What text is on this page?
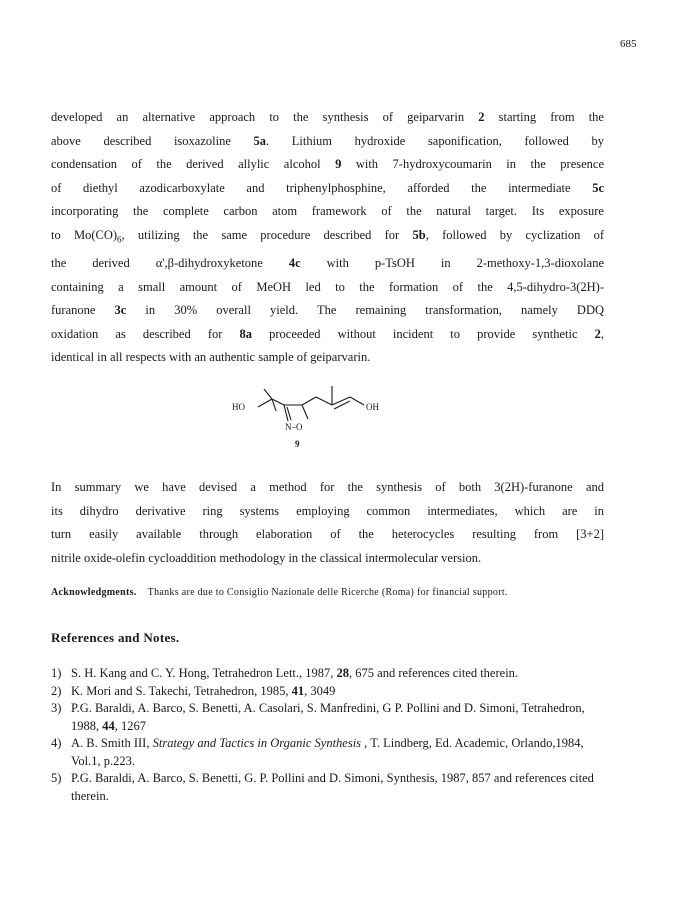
685
developed an alternative approach to the synthesis of geiparvarin 2 starting from the
above described isoxazoline 5a. Lithium hydroxide saponification, followed by
condensation of the derived allylic alcohol 9 with 7-hydroxycoumarin in the presence
of diethyl azodicarboxylate and triphenylphosphine, afforded the intermediate 5c
incorporating the complete carbon atom framework of the natural target. Its exposure
to $Mo(CO)_6$, utilizing the same procedure described for 5b, followed by cyclization of
the derived α',β-dihydroxyketone 4c with p-TsOH in 2-methoxy-1,3-dioxolane
containing a small amount of MeOH led to the formation of the 4,5-dihydro-3(2H)-
furanone 3c in 30% overall yield. The remaining transformation, namely DDQ
oxidation as described for 8a proceeded without incident to provide synthetic 2,
identical in all respects with an authentic sample of geiparvarin.
HO	OH
N–O
9
In summary we have devised a method for the synthesis of both 3(2H)-furanone and
its dihydro derivative ring systems employing common intermediates, which are in
turn easily available through elaboration of the heterocycles resulting from [3+2]
nitrile oxide-olefin cycloaddition methodology in the classical intermolecular version.
Acknowledgments. Thanks are due to Consiglio Nazionale delle Ricerche (Roma) for financial support.
References and Notes.
1) S. H. Kang and C. Y. Hong, Tetrahedron Lett., 1987, 28, 675 and references cited therein.
2) K. Mori and S. Takechi, Tetrahedron, 1985, 41, 3049
3) P.G. Baraldi, A. Barco, S. Benetti, A. Casolari, S. Manfredini, G P. Pollini and D. Simoni, Tetrahedron, 1988, 44, 1267
4) A. B. Smith III, Strategy and Tactics in Organic Synthesis , T. Lindberg, Ed. Academic, Orlando,1984, Vol.1, p.223.
5) P.G. Baraldi, A. Barco, S. Benetti, G. P. Pollini and D. Simoni, Synthesis, 1987, 857 and references cited therein.
